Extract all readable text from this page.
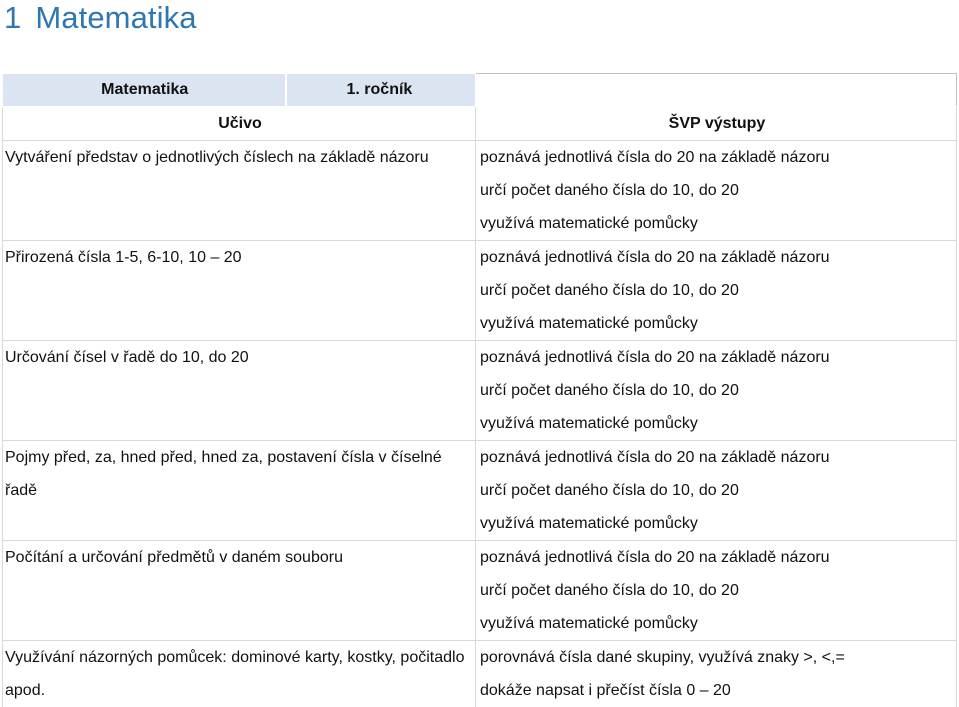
1 Matematika
Matematika	1. ročník	
Učivo		ŠVP výstupy
Vytváření představ o jednotlivých číslech na základě názoru		poznává jednotlivá čísla do 20 na základě názoru
určí počet daného čísla do 10, do 20
využívá matematické pomůcky

Přirozená čísla 1-5, 6-10, 10 – 20		poznává jednotlivá čísla do 20 na základě názoru
určí počet daného čísla do 10, do 20
využívá matematické pomůcky

Určování čísel v řadě do 10, do 20		poznává jednotlivá čísla do 20 na základě názoru
určí počet daného čísla do 10, do 20
využívá matematické pomůcky

Pojmy před, za, hned před, hned za, postavení čísla v číselné řadě		poznává jednotlivá čísla do 20 na základě názoru
určí počet daného čísla do 10, do 20
využívá matematické pomůcky

Počítání a určování předmětů v daném souboru		poznává jednotlivá čísla do 20 na základě názoru
určí počet daného čísla do 10, do 20
využívá matematické pomůcky

Využívání názorných pomůcek: dominové karty, kostky, počitadlo apod.		porovnává čísla dané skupiny, využívá znaky >, <,=
dokáže napsat i přečíst čísla 0 – 20
